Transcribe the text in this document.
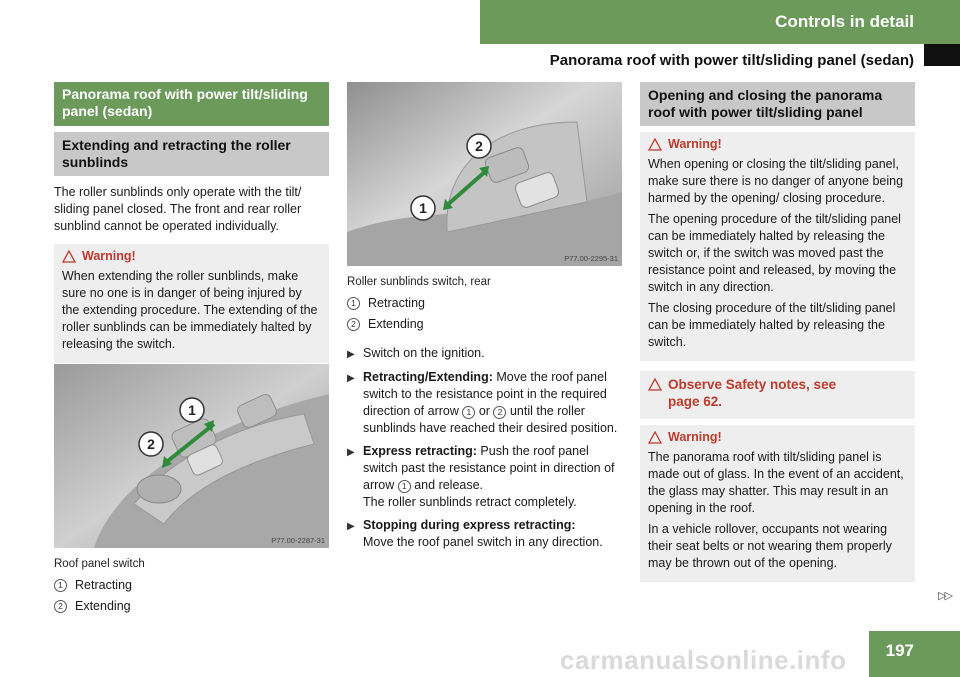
Controls in detail
Panorama roof with power tilt/sliding panel (sedan)
Panorama roof with power tilt/sliding panel (sedan)
Extending and retracting the roller sunblinds

The roller sunblinds only operate with the tilt/ sliding panel closed. The front and rear roller sunblind cannot be operated individually.

Warning!

When extending the roller sunblinds, make sure no one is in danger of being injured by the extending procedure. The extending of the roller sunblinds can be immediately halted by releasing the switch.

1
2
P77.00-2287-31
Roof panel switch
1 Retracting
2 Extending
2
1
P77.00-2295-31
Roller sunblinds switch, rear
1 Retracting
2 Extending
▶ Switch on the ignition.
▶ Retracting/Extending: Move the roof panel switch to the resistance point in the required direction of arrow 1 or 2 until the roller sunblinds have reached their desired position.
▶ Express retracting: Push the roof panel switch past the resistance point in direction of arrow 1 and release.
The roller sunblinds retract completely.
▶ Stopping during express retracting:
Move the roof panel switch in any direction.
Opening and closing the panorama roof with power tilt/sliding panel
Warning!

When opening or closing the tilt/sliding panel, make sure there is no danger of anyone being harmed by the opening/ closing procedure.

The opening procedure of the tilt/sliding panel can be immediately halted by releasing the switch or, if the switch was moved past the resistance point and released, by moving the switch in any direction.

The closing procedure of the tilt/sliding panel can be immediately halted by releasing the switch.

Observe Safety notes, see page 62.
Warning!

The panorama roof with tilt/sliding panel is made out of glass. In the event of an accident, the glass may shatter. This may result in an opening in the roof.

In a vehicle rollover, occupants not wearing their seat belts or not wearing them properly may be thrown out of the opening.

▷▷
carmanualsonline.info 197
